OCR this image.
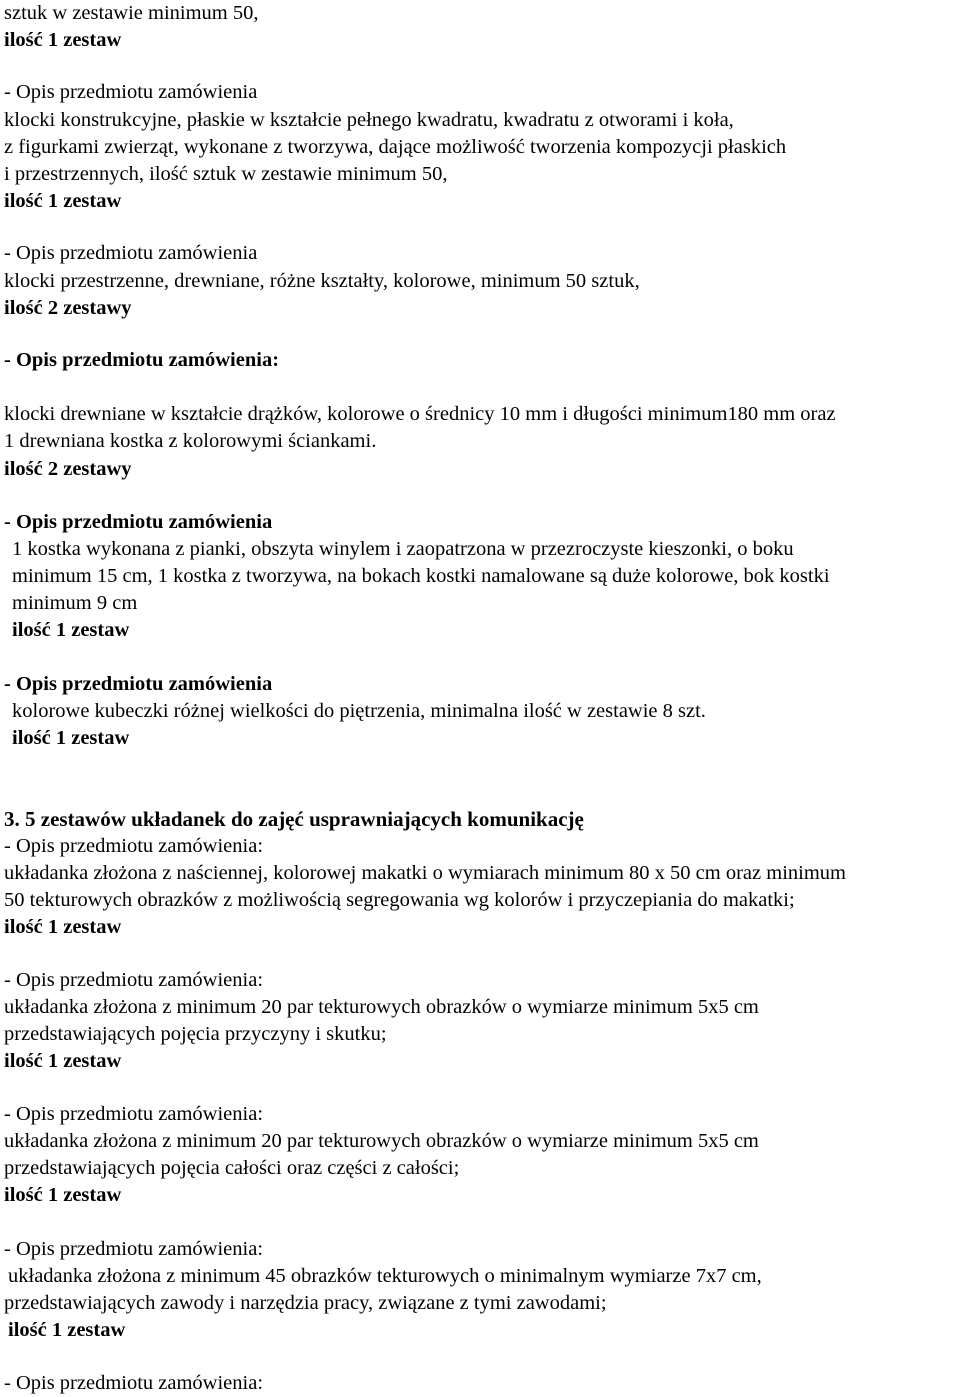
sztuk w zestawie minimum 50,
ilość 1 zestaw
- Opis przedmiotu zamówienia
klocki konstrukcyjne, płaskie w kształcie pełnego kwadratu, kwadratu z otworami i koła,
z figurkami zwierząt, wykonane z tworzywa, dające możliwość tworzenia kompozycji płaskich
i przestrzennych, ilość sztuk w zestawie minimum 50,
ilość 1 zestaw
- Opis przedmiotu zamówienia
klocki przestrzenne, drewniane, różne kształty, kolorowe, minimum 50 sztuk,
ilość 2 zestawy
- Opis przedmiotu zamówienia:
klocki drewniane w kształcie drążków, kolorowe o średnicy 10 mm i długości minimum180 mm oraz
1 drewniana kostka z kolorowymi ściankami.
ilość 2 zestawy
- Opis przedmiotu zamówienia
1 kostka wykonana z pianki, obszyta winylem i zaopatrzona w przezroczyste kieszonki, o boku
minimum 15 cm, 1 kostka z tworzywa, na bokach kostki namalowane są duże kolorowe, bok kostki
minimum 9 cm
ilość 1 zestaw
- Opis przedmiotu zamówienia
kolorowe kubeczki różnej wielkości do piętrzenia, minimalna ilość w zestawie 8 szt.
ilość 1 zestaw
3. 5 zestawów układanek do zajęć usprawniających komunikację
- Opis przedmiotu zamówienia:
układanka złożona z naściennej, kolorowej makatki o wymiarach minimum 80 x 50 cm oraz minimum
50 tekturowych obrazków z możliwością segregowania wg kolorów i przyczepiania do makatki;
ilość 1 zestaw
- Opis przedmiotu zamówienia:
układanka złożona z minimum 20 par tekturowych obrazków o wymiarze minimum 5x5 cm
przedstawiających pojęcia przyczyny i skutku;
ilość 1 zestaw
- Opis przedmiotu zamówienia:
układanka złożona z minimum 20 par tekturowych obrazków o wymiarze minimum 5x5 cm
przedstawiających pojęcia całości oraz części z całości;
ilość 1 zestaw
- Opis przedmiotu zamówienia:
układanka złożona z minimum 45 obrazków tekturowych o minimalnym wymiarze 7x7 cm,
przedstawiających zawody i narzędzia pracy, związane z tymi zawodami;
ilość 1 zestaw
- Opis przedmiotu zamówienia:
